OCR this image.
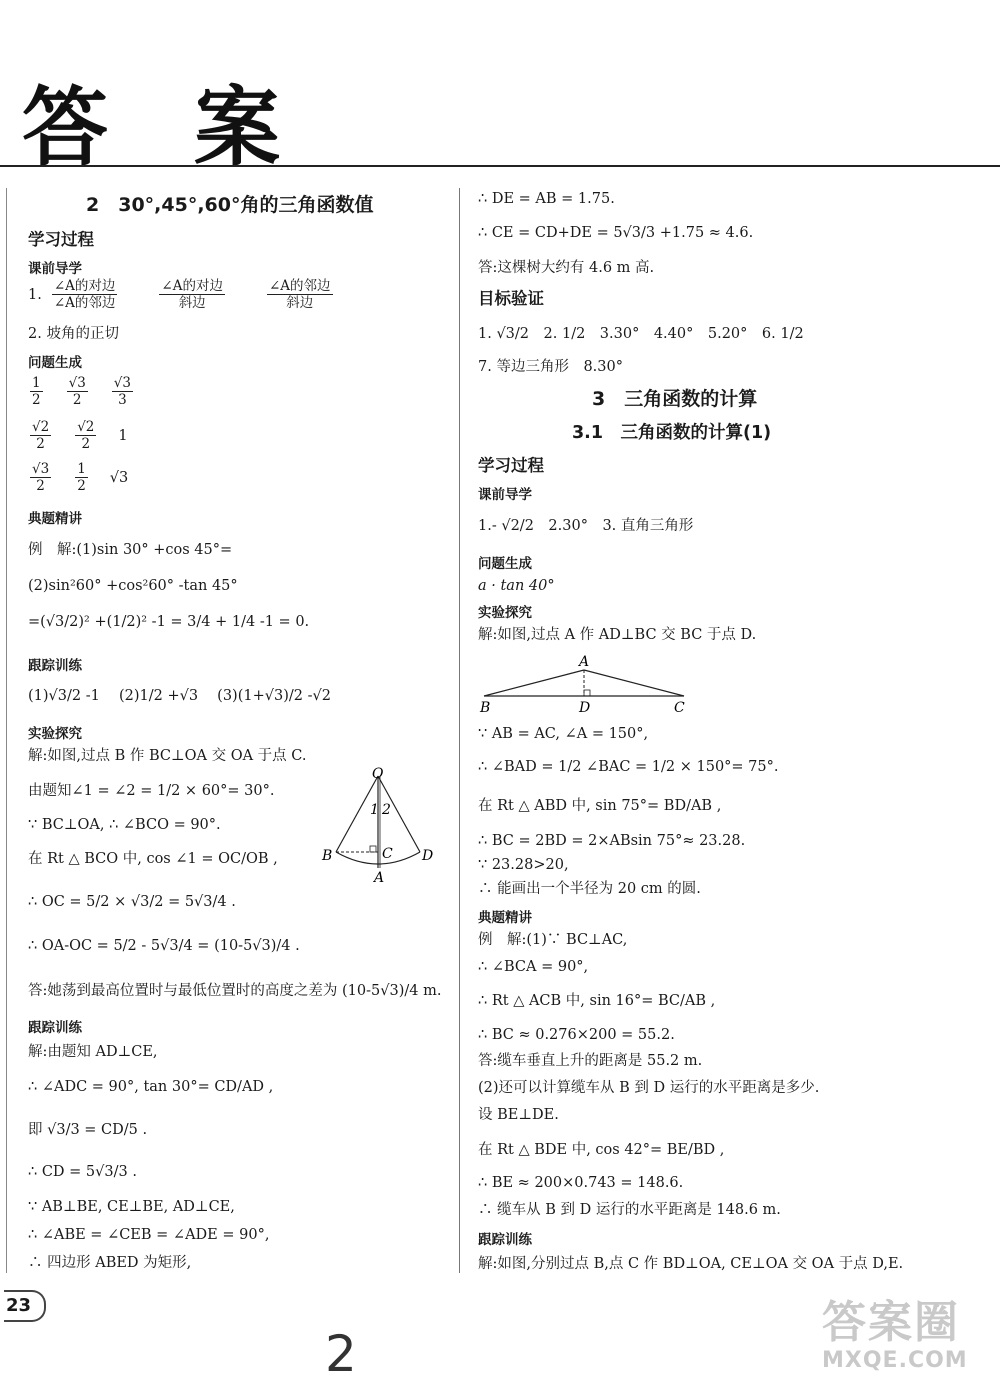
答 案
2　30°,45°,60°角的三角函数值
学习过程
课前导学
1. $\frac{\text{∠A的对边}}{\text{∠A的邻边}}$	$\frac{\text{∠A的对边}}{\text{斜边}}$	$\frac{\text{∠A的邻边}}{\text{斜边}}$
2. 坡角的正切
问题生成
$\frac{1}{2} \frac{√3}{2} \frac{√3}{3}$
$\frac{√2}{2} \frac{√2}{2} 1$
$\frac{√3}{2} \frac{1}{2} √3$
典题精讲
例　解:(1)sin 30° +cos 45°=
(2)sin²60° +cos²60° -tan 45°
=(√3/2)² +(1/2)² -1 = 3/4 + 1/4 -1 = 0.
跟踪训练
(1)√3/2 -1　 (2)1/2 +√3　 (3)(1+√3)/2 -√2
实验探究
解:如图,过点 B 作 BC⊥OA 交 OA 于点 C.
由题知∠1 = ∠2 = 1/2 × 60°= 30°.
∵ BC⊥OA, ∴ ∠BCO = 90°.
在 Rt △ BCO 中, cos ∠1 = OC/OB ,
∴ OC = 5/2 × √3/2 = 5√3/4 .
∴ OA-OC = 5/2 - 5√3/4 = (10-5√3)/4 .
答:她荡到最高位置时与最低位置时的高度之差为 (10-5√3)/4 m.
O
1 2
B	C D
A
跟踪训练
解:由题知 AD⊥CE,
∴ ∠ADC = 90°, tan 30°= CD/AD ,
即 √3/3 = CD/5 .
∴ CD = 5√3/3 .
∵ AB⊥BE, CE⊥BE, AD⊥CE,
∴ ∠ABE = ∠CEB = ∠ADE = 90°,
∴ 四边形 ABED 为矩形,
∴ DE = AB = 1.75.
∴ CE = CD+DE = 5√3/3 +1.75 ≈ 4.6.
答:这棵树大约有 4.6 m 高.
目标验证
1. √3/2　2. 1/2　3.30°　4.40°　5.20°　6. 1/2
7. 等边三角形　8.30°
3　三角函数的计算
3.1　三角函数的计算(1)
学习过程
课前导学
1.- √2/2　2.30°　3. 直角三角形
问题生成
a · tan 40°
实验探究
解:如图,过点 A 作 AD⊥BC 交 BC 于点 D.
A
B	D	C
∵ AB = AC, ∠A = 150°,
∴ ∠BAD = 1/2 ∠BAC = 1/2 × 150°= 75°.
在 Rt △ ABD 中, sin 75°= BD/AB ,
∴ BC = 2BD = 2×ABsin 75°≈ 23.28.
∵ 23.28>20,
∴ 能画出一个半径为 20 cm 的圆.
典题精讲
例　解:(1)∵ BC⊥AC,
∴ ∠BCA = 90°,
∴ Rt △ ACB 中, sin 16°= BC/AB ,
∴ BC ≈ 0.276×200 = 55.2.
答:缆车垂直上升的距离是 55.2 m.
(2)还可以计算缆车从 B 到 D 运行的水平距离是多少.
设 BE⊥DE.
在 Rt △ BDE 中, cos 42°= BE/BD ,
∴ BE ≈ 200×0.743 = 148.6.
∴ 缆车从 B 到 D 运行的水平距离是 148.6 m.
跟踪训练
解:如图,分别过点 B,点 C 作 BD⊥OA, CE⊥OA 交 OA 于点 D,E.
23
2
答案圈
MXQE.COM
